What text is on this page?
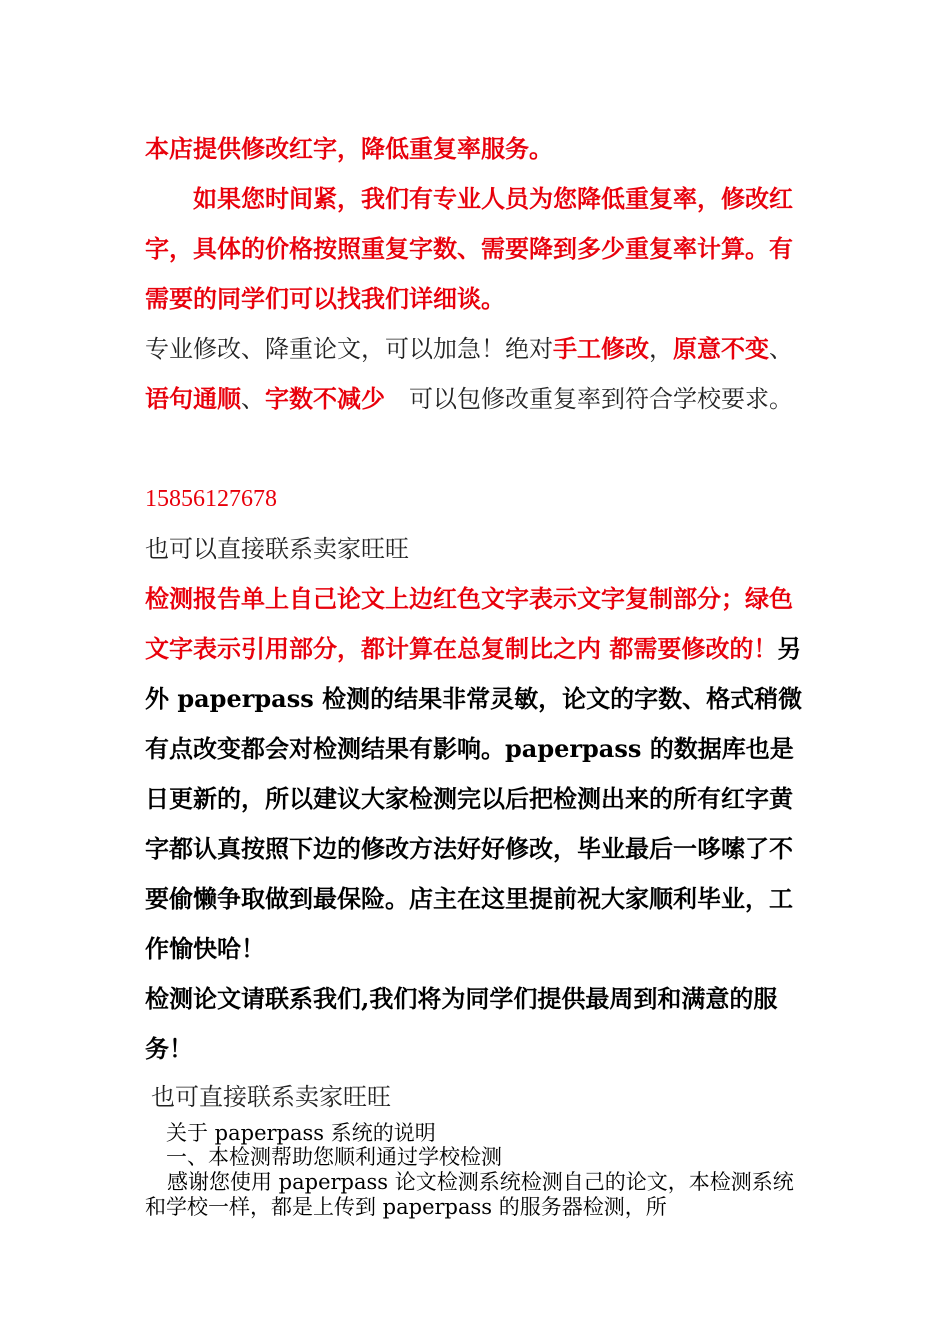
本店提供修改红字，降低重复率服务。

如果您时间紧，我们有专业人员为您降低重复率，修改红字，具体的价格按照重复字数、需要降到多少重复率计算。有需要的同学们可以找我们详细谈。

专业修改、降重论文，可以加急！绝对手工修改，原意不变、语句通顺、字数不减少　可以包修改重复率到符合学校要求。

15856127678

也可以直接联系卖家旺旺

检测报告单上自己论文上边红色文字表示文字复制部分；绿色文字表示引用部分，都计算在总复制比之内 都需要修改的！另外 paperpass 检测的结果非常灵敏，论文的字数、格式稍微有点改变都会对检测结果有影响。paperpass 的数据库也是日更新的，所以建议大家检测完以后把检测出来的所有红字黄字都认真按照下边的修改方法好好修改，毕业最后一哆嗦了不要偷懒争取做到最保险。店主在这里提前祝大家顺利毕业，工作愉快哈！

检测论文请联系我们,我们将为同学们提供最周到和满意的服务！

也可直接联系卖家旺旺

关于 paperpass 系统的说明

一、本检测帮助您顺利通过学校检测

感谢您使用 paperpass 论文检测系统检测自己的论文，本检测系统和学校一样，都是上传到 paperpass 的服务器检测，所
